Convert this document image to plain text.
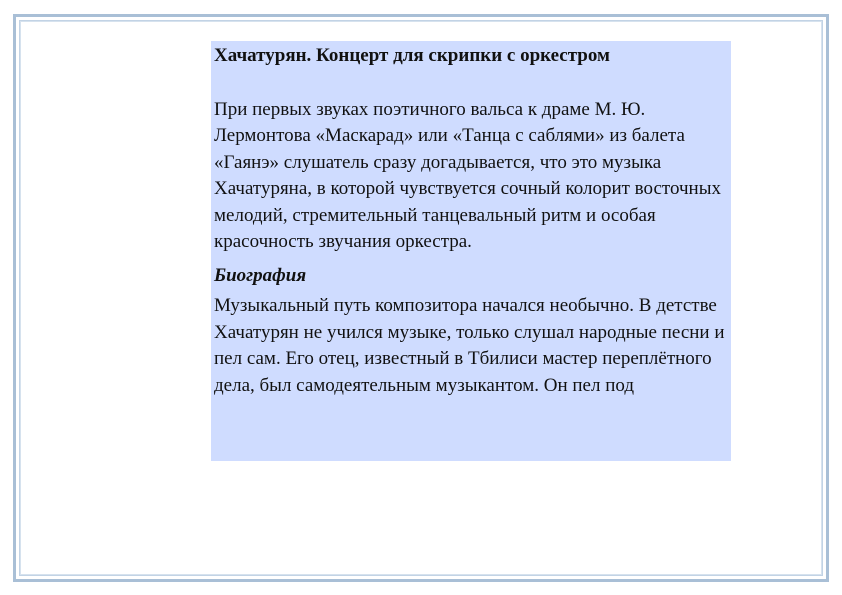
Хачатурян. Концерт для скрипки с оркестром

При первых звуках поэтичного вальса к драме М. Ю. Лермонтова «Маскарад» или «Танца с саблями» из балета «Гаянэ» слушатель сразу догадывается, что это музыка Хачатуряна, в которой чувствуется сочный колорит восточных мелодий, стремительный танцевальный ритм и особая красочность звучания оркестра.

Биография

Музыкальный путь композитора начался необычно. В детстве Хачатурян не учился музыке, только слушал народные песни и пел сам. Его отец, известный в Тбилиси мастер переплётного дела, был самодеятельным музыкантом. Он пел под
